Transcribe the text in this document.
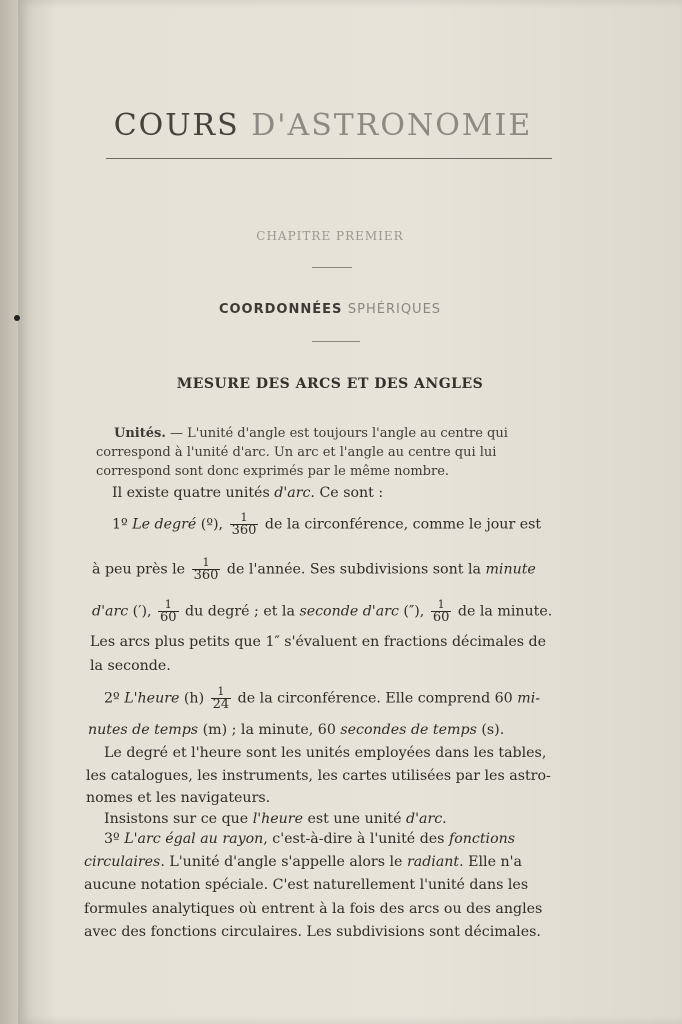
COURS D'ASTRONOMIE
CHAPITRE PREMIER
COORDONNÉES SPHÉRIQUES
MESURE DES ARCS ET DES ANGLES
Unités. — L'unité d'angle est toujours l'angle au centre qui
correspond à l'unité d'arc. Un arc et l'angle au centre qui lui
correspond sont donc exprimés par le même nombre.
Il existe quatre unités d'arc. Ce sont :
1º Le degré (º), $\frac{1}{360}$ de la circonférence, comme le jour est
à peu près le $\frac{1}{360}$ de l'année. Ses subdivisions sont la minute
d'arc (′), $\frac{1}{60}$ du degré ; et la seconde d'arc (″), $\frac{1}{60}$ de la minute.
Les arcs plus petits que 1″ s'évaluent en fractions décimales de
la seconde.
2º L'heure $(h) \frac{1}{24}$ de la circonférence. Elle comprend 60 mi-
nutes de temps (m) ; la minute, 60 secondes de temps (s).
Le degré et l'heure sont les unités employées dans les tables,
les catalogues, les instruments, les cartes utilisées par les astro-
nomes et les navigateurs.
Insistons sur ce que l'heure est une unité d'arc.
3º L'arc égal au rayon, c'est-à-dire à l'unité des fonctions
circulaires. L'unité d'angle s'appelle alors le radiant. Elle n'a
aucune notation spéciale. C'est naturellement l'unité dans les
formules analytiques où entrent à la fois des arcs ou des angles
avec des fonctions circulaires. Les subdivisions sont décimales.
